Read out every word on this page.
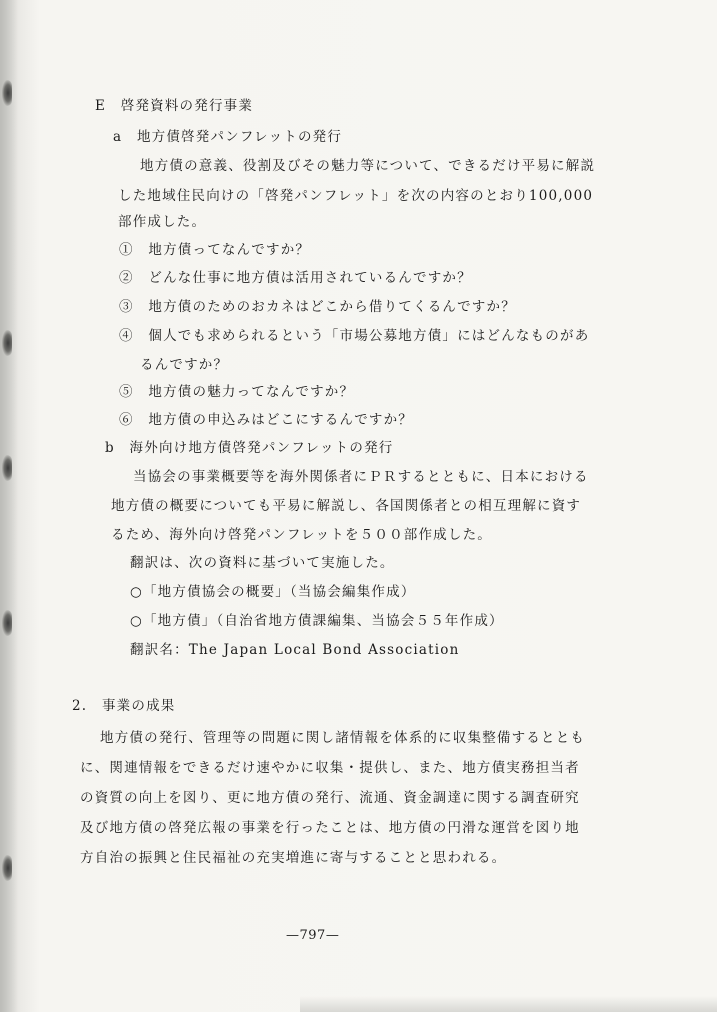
E　啓発資料の発行事業
a　地方債啓発パンフレットの発行
地方債の意義、役割及びその魅力等について、できるだけ平易に解説
した地域住民向けの「啓発パンフレット」を次の内容のとおり100,000
部作成した。
①　地方債ってなんですか？
②　どんな仕事に地方債は活用されているんですか？
③　地方債のためのおカネはどこから借りてくるんですか？
④　個人でも求められるという「市場公募地方債」にはどんなものがあ
るんですか？
⑤　地方債の魅力ってなんですか？
⑥　地方債の申込みはどこにするんですか？
b　海外向け地方債啓発パンフレットの発行
当協会の事業概要等を海外関係者にＰＲするとともに、日本における
地方債の概要についても平易に解説し、各国関係者との相互理解に資す
るため、海外向け啓発パンフレットを５００部作成した。
翻訳は、次の資料に基づいて実施した。
○「地方債協会の概要」（当協会編集作成）
○「地方債」（自治省地方債課編集、当協会５５年作成）
翻訳名：The Japan Local Bond Association
2.　事業の成果
地方債の発行、管理等の問題に関し諸情報を体系的に収集整備するととも
に、関連情報をできるだけ速やかに収集・提供し、また、地方債実務担当者
の資質の向上を図り、更に地方債の発行、流通、資金調達に関する調査研究
及び地方債の啓発広報の事業を行ったことは、地方債の円滑な運営を図り地
方自治の振興と住民福祉の充実増進に寄与することと思われる。
—797—
